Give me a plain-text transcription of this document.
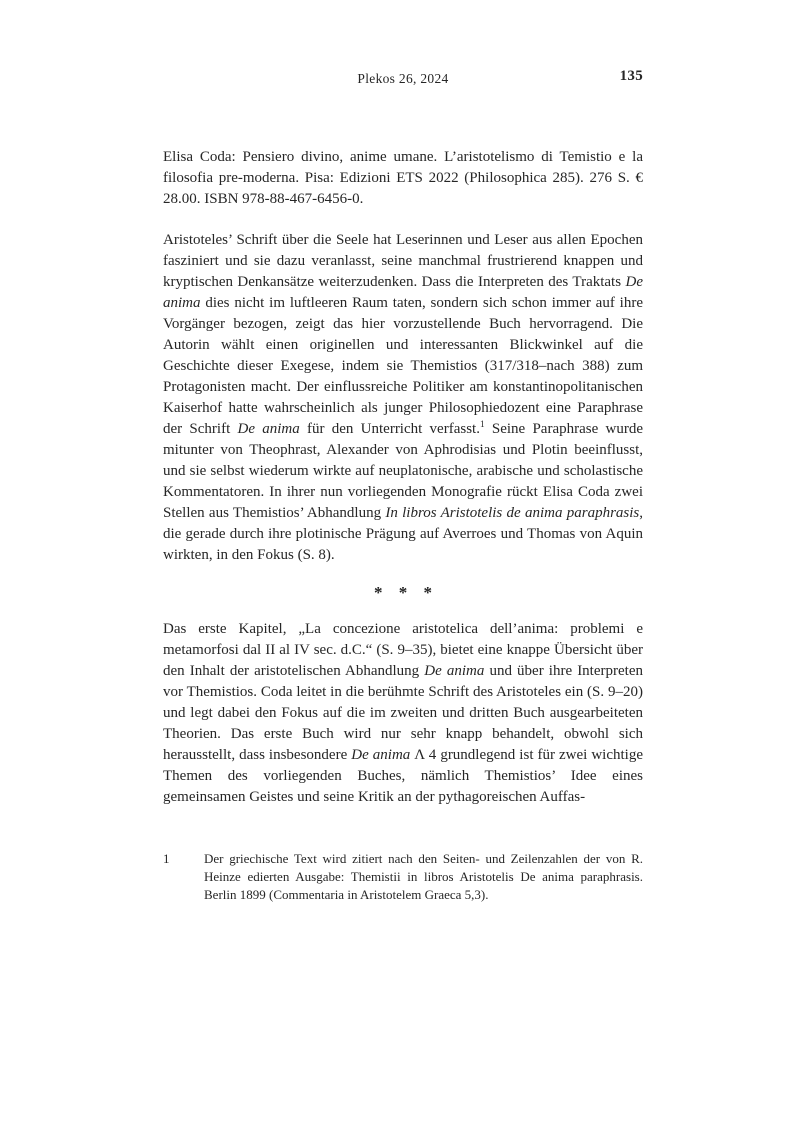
Plekos 26, 2024	135
Elisa Coda: Pensiero divino, anime umane. L’aristotelismo di Temistio e la filosofia pre-moderna. Pisa: Edizioni ETS 2022 (Philosophica 285). 276 S. € 28.00. ISBN 978-88-467-6456-0.

Aristoteles’ Schrift über die Seele hat Leserinnen und Leser aus allen Epochen fasziniert und sie dazu veranlasst, seine manchmal frustrierend knappen und kryptischen Denkansätze weiterzudenken. Dass die Interpreten des Traktats De anima dies nicht im luftleeren Raum taten, sondern sich schon immer auf ihre Vorgänger bezogen, zeigt das hier vorzustellende Buch hervorragend. Die Autorin wählt einen originellen und interessanten Blickwinkel auf die Geschichte dieser Exegese, indem sie Themistios (317/318–nach 388) zum Protagonisten macht. Der einflussreiche Politiker am konstantinopolitanischen Kaiserhof hatte wahrscheinlich als junger Philosophiedozent eine Paraphrase der Schrift De anima für den Unterricht verfasst.$^1$ Seine Paraphrase wurde mitunter von Theophrast, Alexander von Aphrodisias und Plotin beeinflusst, und sie selbst wiederum wirkte auf neuplatonische, arabische und scholastische Kommentatoren. In ihrer nun vorliegenden Monografie rückt Elisa Coda zwei Stellen aus Themistios’ Abhandlung In libros Aristotelis de anima paraphrasis, die gerade durch ihre plotinische Prägung auf Averroes und Thomas von Aquin wirkten, in den Fokus (S. 8).

* * *

Das erste Kapitel, „La concezione aristotelica dell’anima: problemi e metamorfosi dal II al IV sec. d.C.“ (S. 9–35), bietet eine knappe Übersicht über den Inhalt der aristotelischen Abhandlung De anima und über ihre Interpreten vor Themistios. Coda leitet in die berühmte Schrift des Aristoteles ein (S. 9–20) und legt dabei den Fokus auf die im zweiten und dritten Buch ausgearbeiteten Theorien. Das erste Buch wird nur sehr knapp behandelt, obwohl sich herausstellt, dass insbesondere De anima Λ 4 grundlegend ist für zwei wichtige Themen des vorliegenden Buches, nämlich Themistios’ Idee eines gemeinsamen Geistes und seine Kritik an der pythagoreischen Auffas-

1	Der griechische Text wird zitiert nach den Seiten- und Zeilenzahlen der von R. Heinze edierten Ausgabe: Themistii in libros Aristotelis De anima paraphrasis. Berlin 1899 (Commentaria in Aristotelem Graeca 5,3).
